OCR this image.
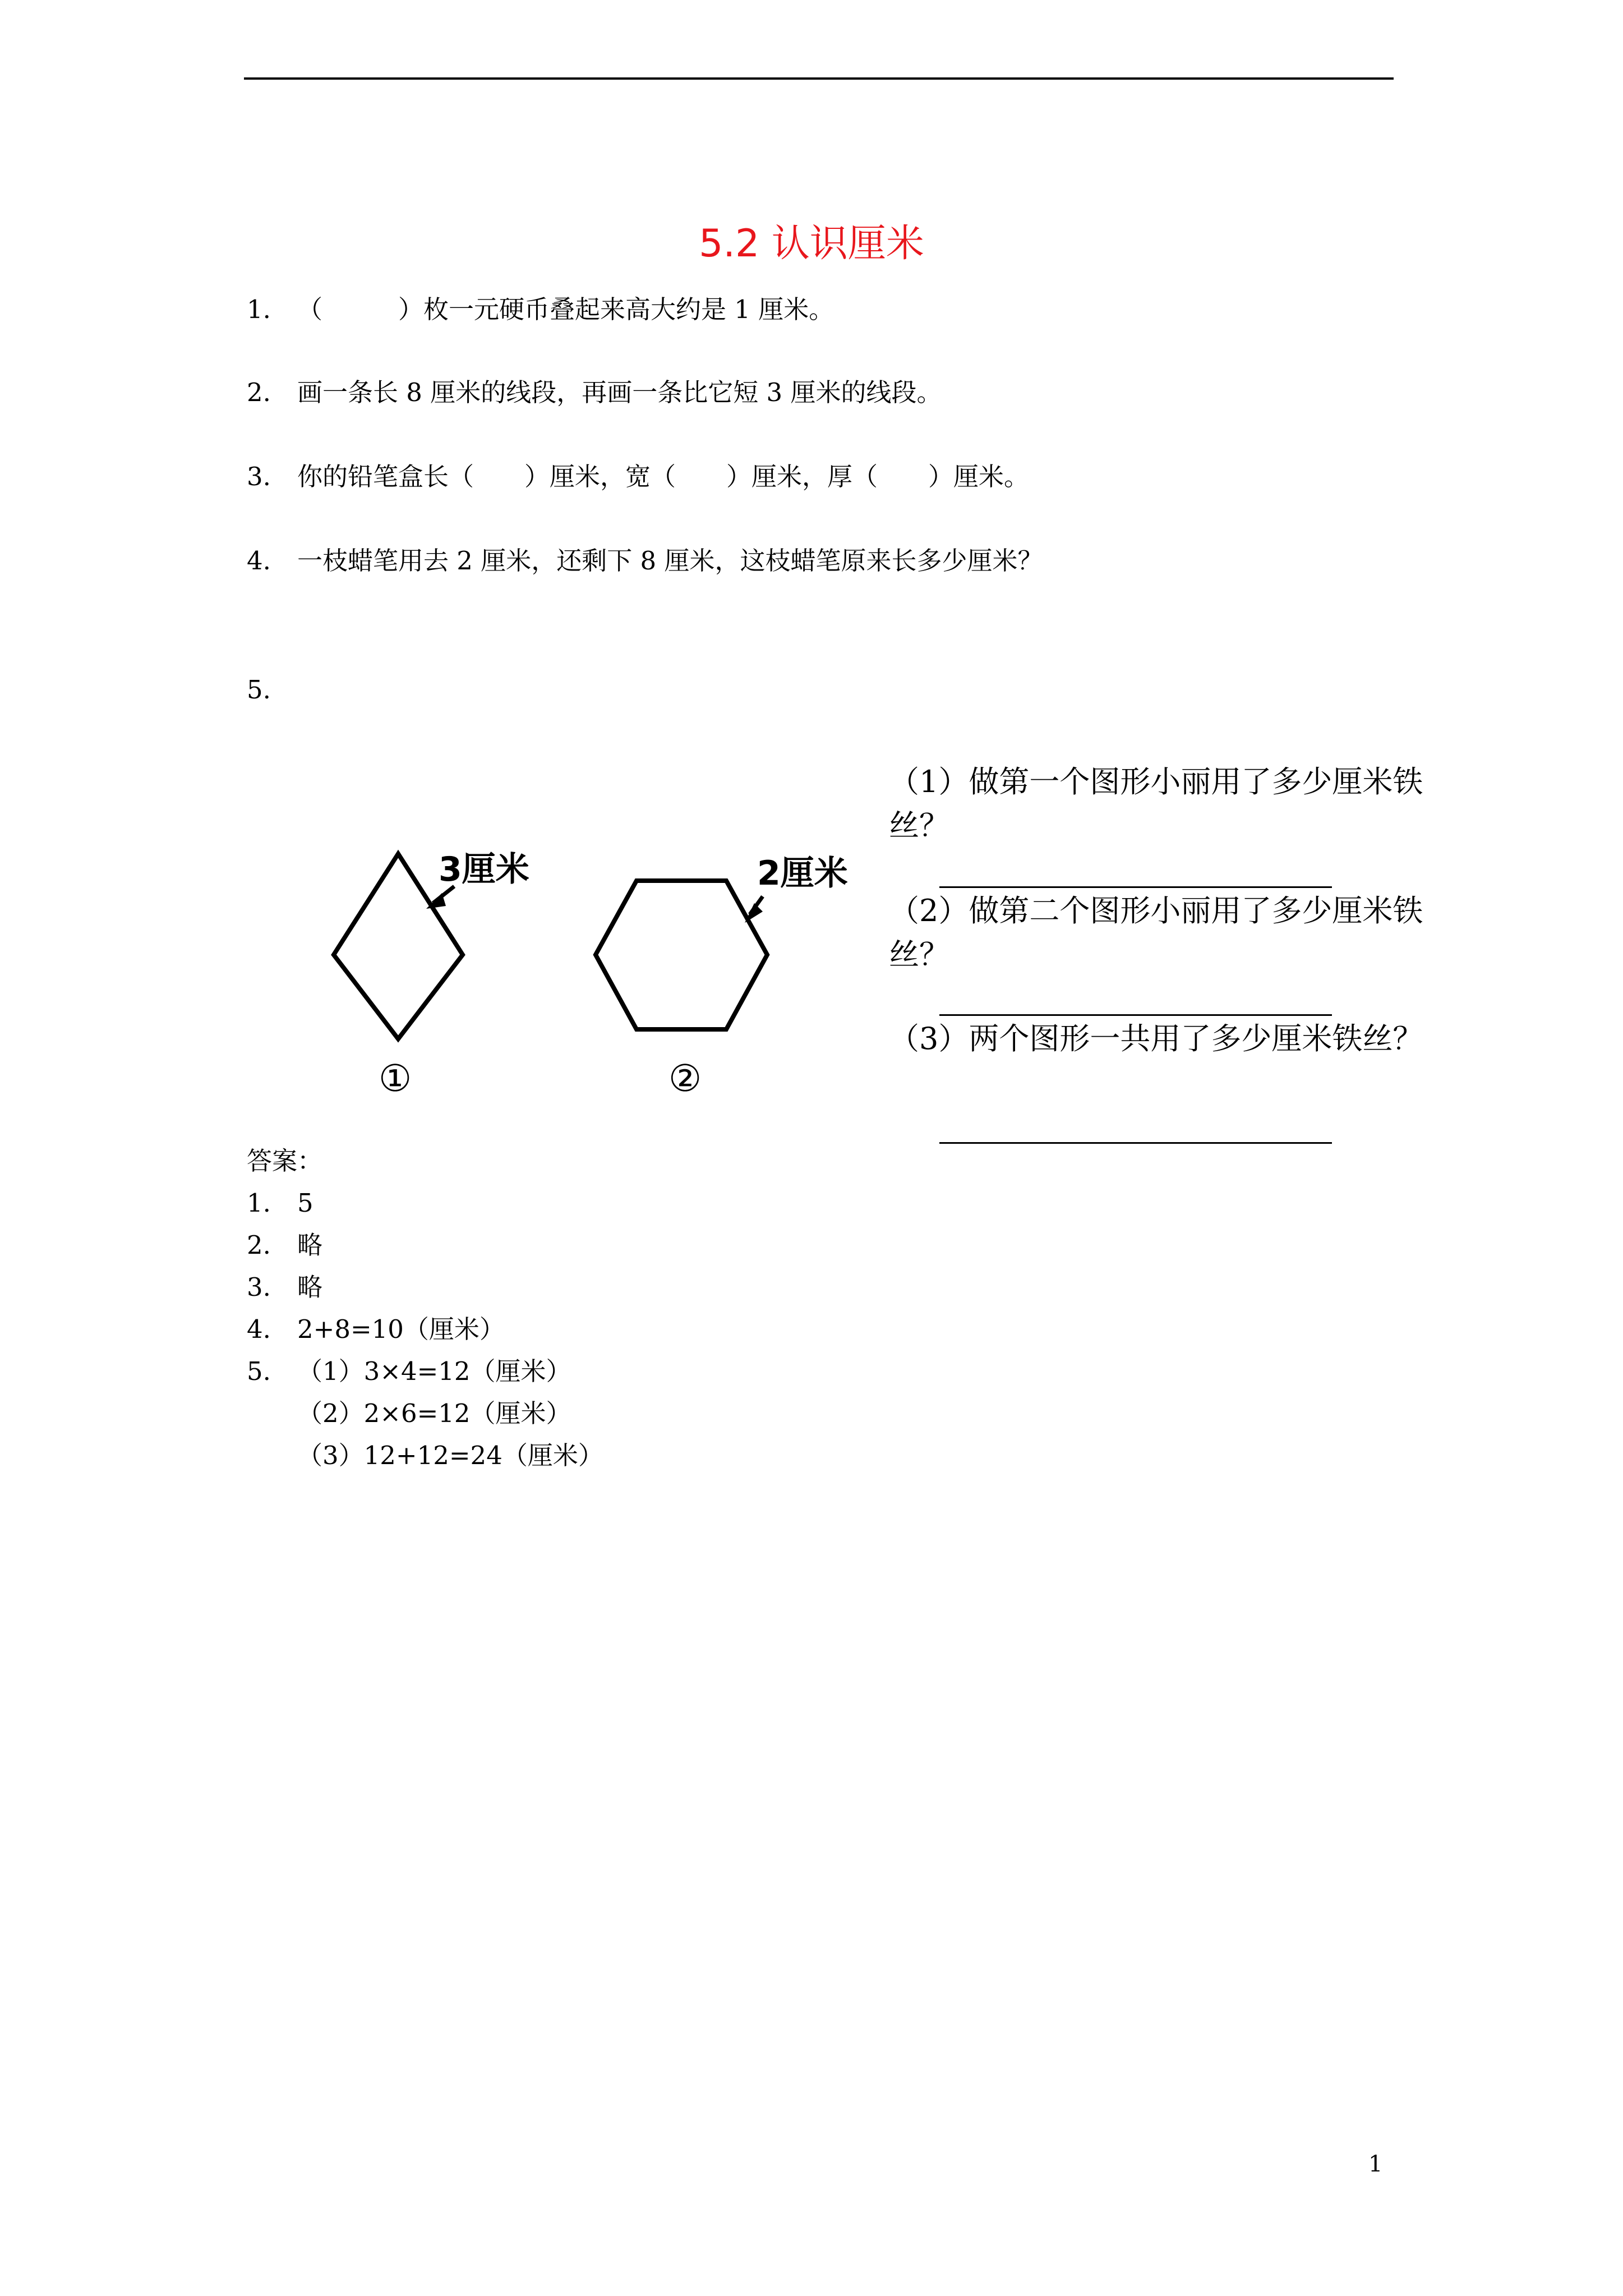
5.2 认识厘米
1. （　　　）枚一元硬币叠起来高大约是 1 厘米。
2. 画一条长 8 厘米的线段，再画一条比它短 3 厘米的线段。
3. 你的铅笔盒长（　　）厘米，宽（　　）厘米，厚（　　）厘米。
4. 一枝蜡笔用去 2 厘米，还剩下 8 厘米，这枝蜡笔原来长多少厘米？
5.
3厘米
①
2厘米
②
（1）做第一个图形小丽用了多少厘米铁丝？
（2）做第二个图形小丽用了多少厘米铁丝？
（3）两个图形一共用了多少厘米铁丝？
答案：
1. 5
2. 略
3. 略
4. 2+8=10（厘米）
5. （1）3×4=12（厘米）
（2）2×6=12（厘米）
（3）12+12=24（厘米）
1
